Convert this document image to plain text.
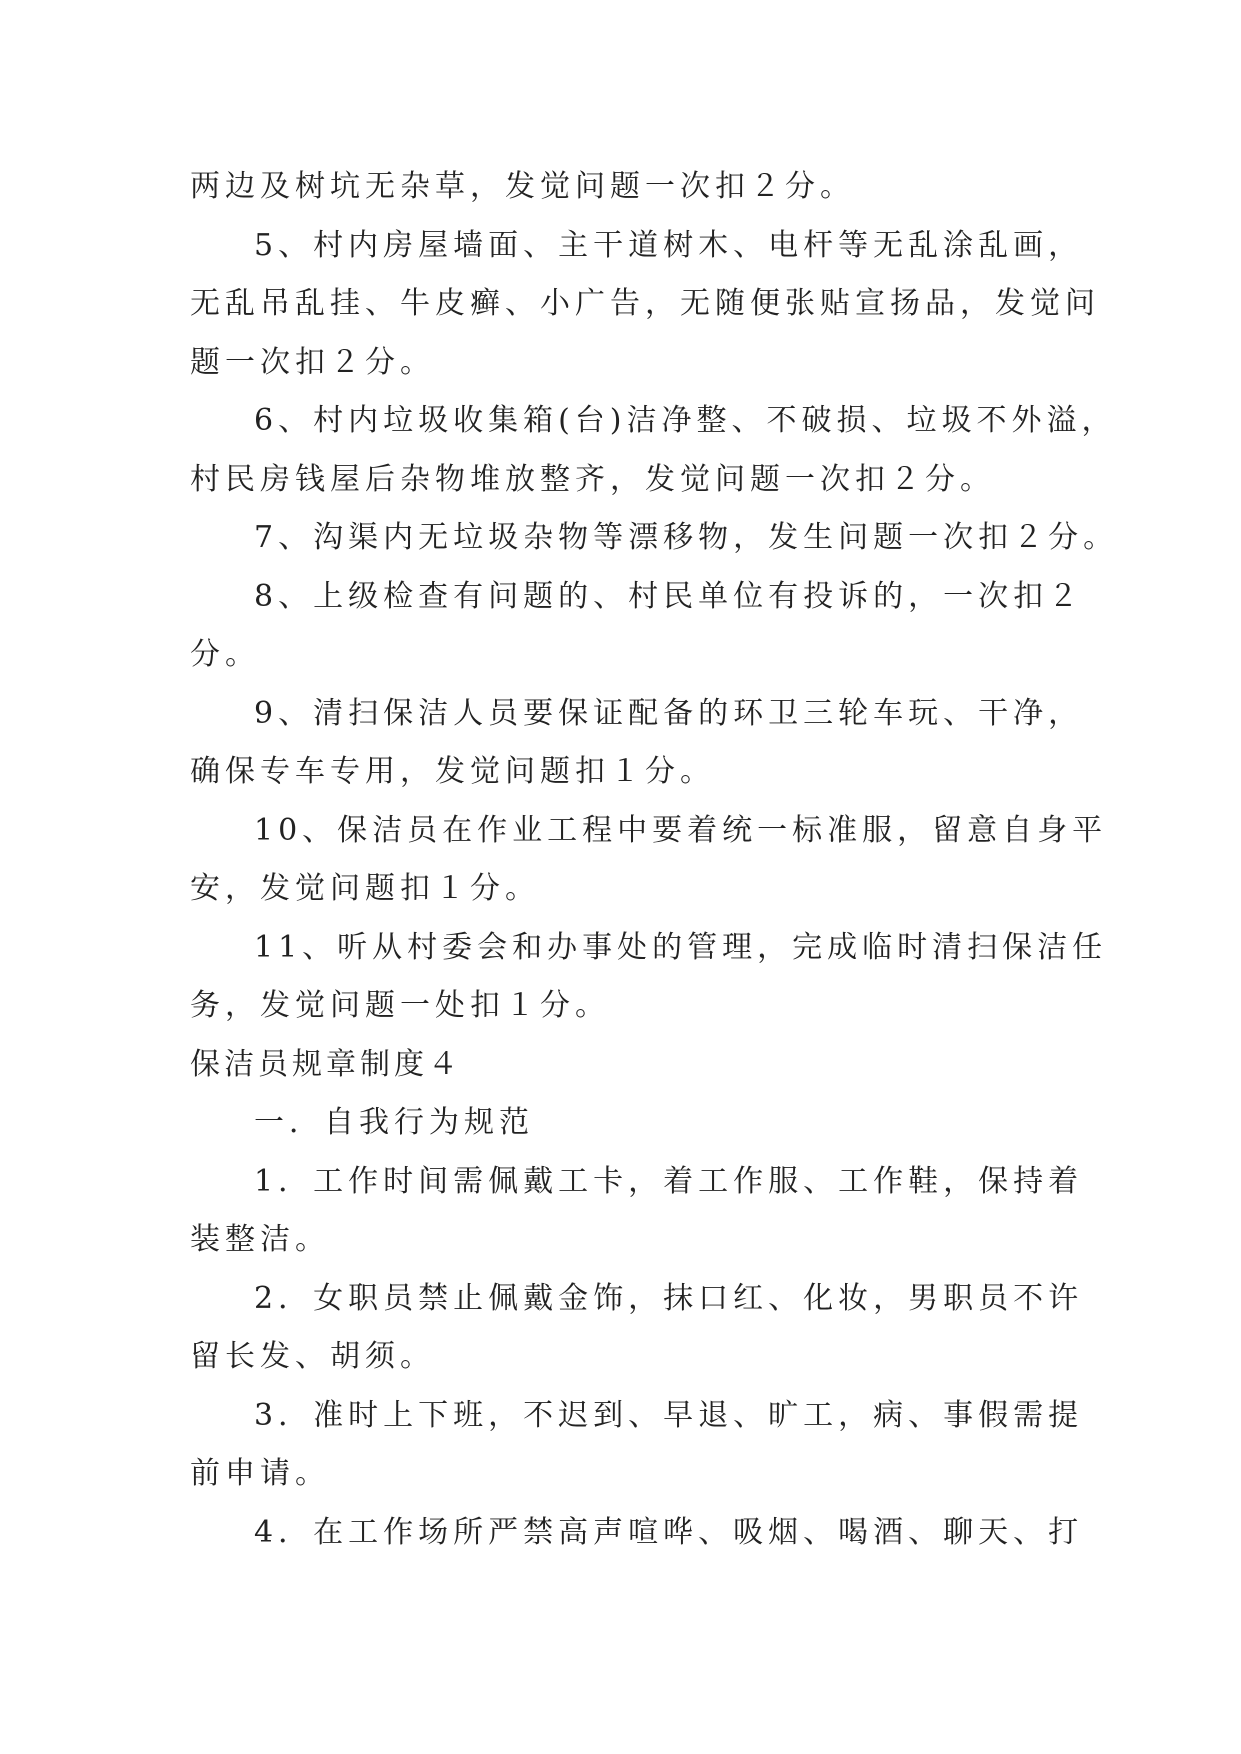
两边及树坑无杂草，发觉问题一次扣２分。
5、村内房屋墙面、主干道树木、电杆等无乱涂乱画，
无乱吊乱挂、牛皮癣、小广告，无随便张贴宣扬品，发觉问
题一次扣２分。
6、村内垃圾收集箱(台)洁净整、不破损、垃圾不外溢，
村民房钱屋后杂物堆放整齐，发觉问题一次扣２分。
7、沟渠内无垃圾杂物等漂移物，发生问题一次扣２分。
8、上级检查有问题的、村民单位有投诉的，一次扣２
分。
9、清扫保洁人员要保证配备的环卫三轮车玩、干净，
确保专车专用，发觉问题扣１分。
10、保洁员在作业工程中要着统一标准服，留意自身平
安，发觉问题扣１分。
11、听从村委会和办事处的管理，完成临时清扫保洁任
务，发觉问题一处扣１分。
保洁员规章制度４
一．自我行为规范
1．工作时间需佩戴工卡，着工作服、工作鞋，保持着
装整洁。
2．女职员禁止佩戴金饰，抹口红、化妆，男职员不许
留长发、胡须。
3．准时上下班，不迟到、早退、旷工，病、事假需提
前申请。
4．在工作场所严禁高声喧哗、吸烟、喝酒、聊天、打
